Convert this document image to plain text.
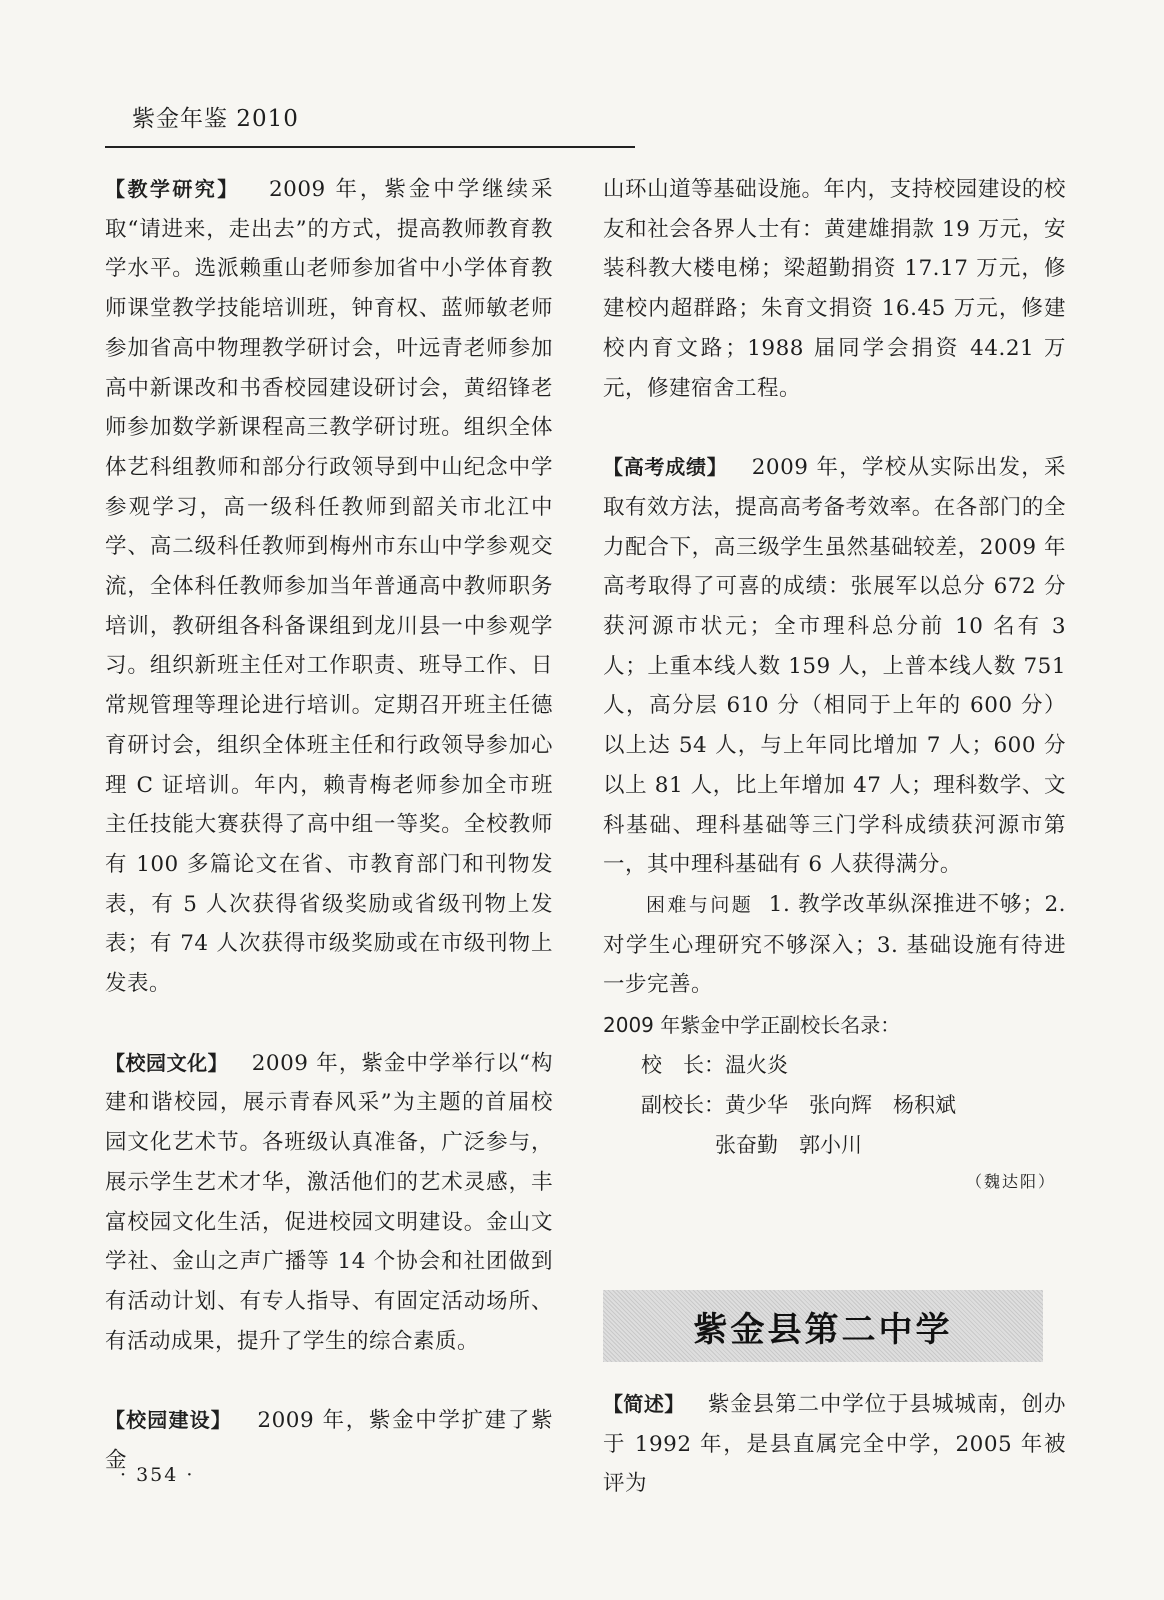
紫金年鉴 2010

【教学研究】 2009 年，紫金中学继续采取“请进来，走出去”的方式，提高教师教育教学水平。选派赖重山老师参加省中小学体育教师课堂教学技能培训班，钟育权、蓝师敏老师参加省高中物理教学研讨会，叶远青老师参加高中新课改和书香校园建设研讨会，黄绍锋老师参加数学新课程高三教学研讨班。组织全体体艺科组教师和部分行政领导到中山纪念中学参观学习，高一级科任教师到韶关市北江中学、高二级科任教师到梅州市东山中学参观交流，全体科任教师参加当年普通高中教师职务培训，教研组各科备课组到龙川县一中参观学习。组织新班主任对工作职责、班导工作、日常规管理等理论进行培训。定期召开班主任德育研讨会，组织全体班主任和行政领导参加心理 C 证培训。年内，赖青梅老师参加全市班主任技能大赛获得了高中组一等奖。全校教师有 100 多篇论文在省、市教育部门和刊物发表，有 5 人次获得省级奖励或省级刊物上发表；有 74 人次获得市级奖励或在市级刊物上发表。

【校园文化】 2009 年，紫金中学举行以“构建和谐校园，展示青春风采”为主题的首届校园文化艺术节。各班级认真准备，广泛参与，展示学生艺术才华，激活他们的艺术灵感，丰富校园文化生活，促进校园文明建设。金山文学社、金山之声广播等 14 个协会和社团做到有活动计划、有专人指导、有固定活动场所、有活动成果，提升了学生的综合素质。

【校园建设】 2009 年，紫金中学扩建了紫金

· 354 ·

山环山道等基础设施。年内，支持校园建设的校友和社会各界人士有：黄建雄捐款 19 万元，安装科教大楼电梯；梁超勤捐资 17.17 万元，修建校内超群路；朱育文捐资 16.45 万元，修建校内育文路；1988 届同学会捐资 44.21 万元，修建宿舍工程。

【高考成绩】 2009 年，学校从实际出发，采取有效方法，提高高考备考效率。在各部门的全力配合下，高三级学生虽然基础较差，2009 年高考取得了可喜的成绩：张展军以总分 672 分获河源市状元；全市理科总分前 10 名有 3 人；上重本线人数 159 人，上普本线人数 751 人，高分层 610 分（相同于上年的 600 分）以上达 54 人，与上年同比增加 7 人；600 分以上 81 人，比上年增加 47 人；理科数学、文科基础、理科基础等三门学科成绩获河源市第一，其中理科基础有 6 人获得满分。

困难与问题 1. 教学改革纵深推进不够；2. 对学生心理研究不够深入；3. 基础设施有待进一步完善。

2009 年紫金中学正副校长名录：

校　长：温火炎

副校长：黄少华　张向辉　杨积斌

张奋勤　郭小川

（魏达阳）

紫金县第二中学

【简述】 紫金县第二中学位于县城城南，创办于 1992 年，是县直属完全中学，2005 年被评为
